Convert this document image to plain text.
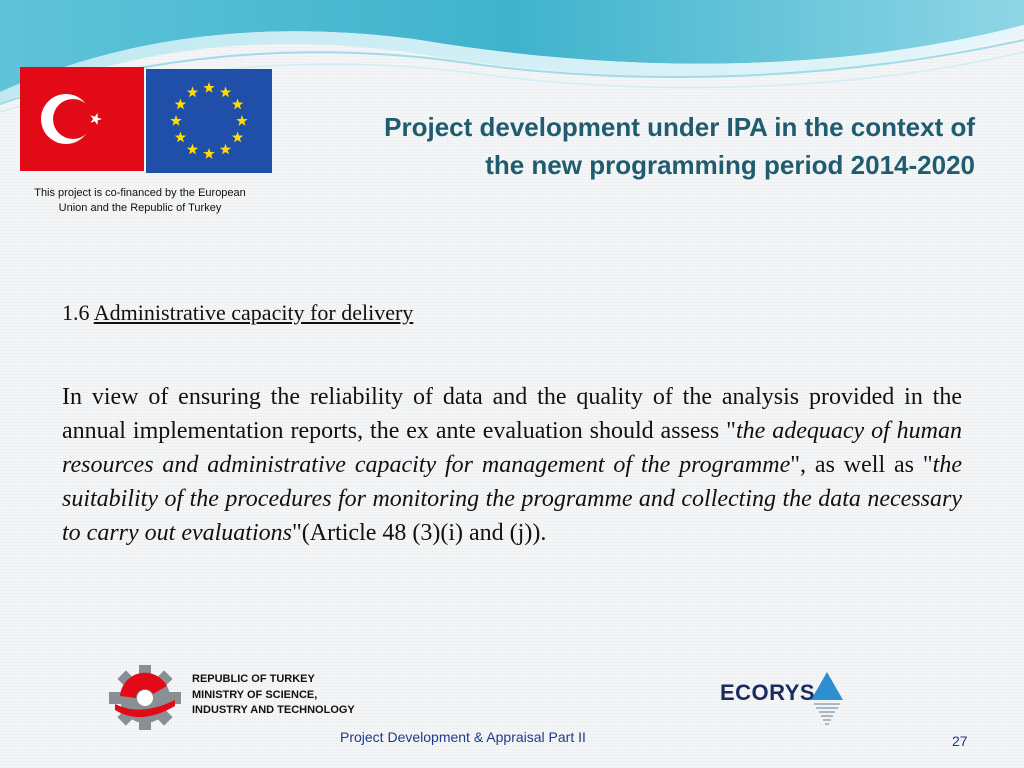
This project is co-financed by the European
Union and the Republic of Turkey
Project development under IPA in the context of
the new programming period 2014-2020
1.6 Administrative capacity for delivery
In view of ensuring the reliability of data and the quality of the analysis provided in the annual implementation reports, the ex ante evaluation should assess "the adequacy of human resources and administrative capacity for management of the programme", as well as "the suitability of the procedures for monitoring the programme and collecting the data necessary to carry out evaluations"(Article 48 (3)(i) and (j)).
REPUBLIC OF TURKEY
MINISTRY OF SCIENCE,
INDUSTRY AND TECHNOLOGY
ECORYS
Project Development & Appraisal Part II	27
